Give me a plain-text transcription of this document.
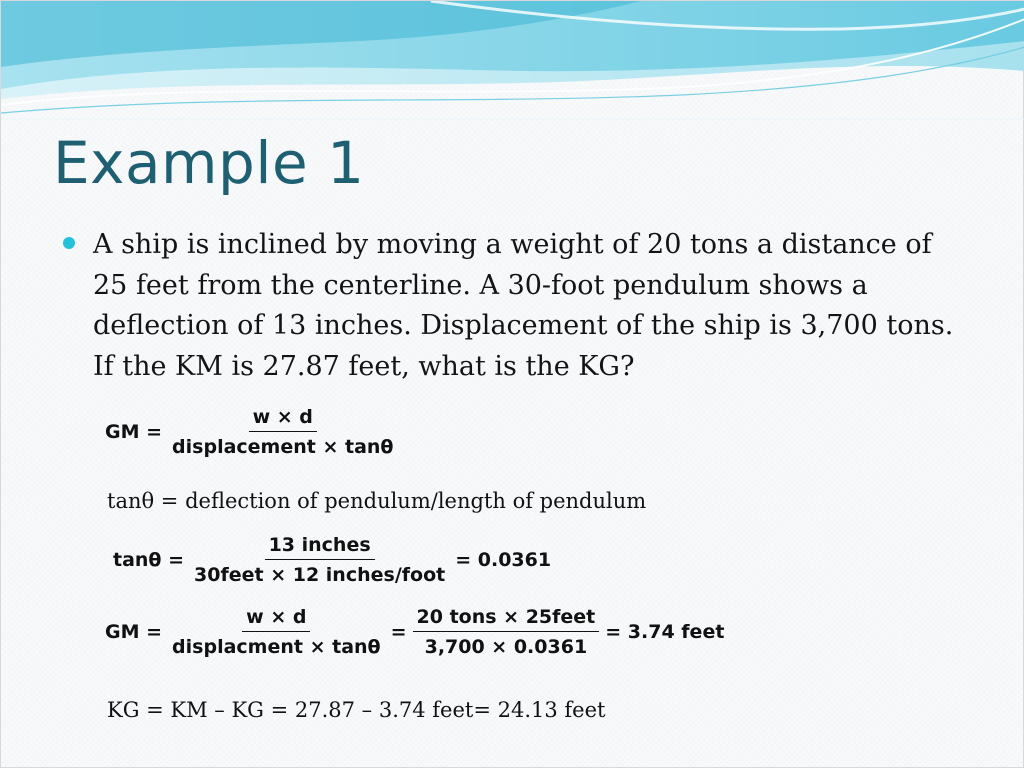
Example 1

A ship is inclined by moving a weight of 20 tons a distance of 25 feet from the centerline. A 30-foot pendulum shows a deflection of 13 inches. Displacement of the ship is 3,700 tons. If the KM is 27.87 feet, what is the KG?

GM = $\frac{w \times d}{\text{displacement × tanθ}}$
tanθ = deflection of pendulum/length of pendulum
$\tan\theta = \frac{\text{13 inches}}{\text{30feet × 12 inches/foot}} = 0.0361$
GM = $\frac{w \times d}{\text{displacment × tanθ}} = \frac{\text{20 tons × 25feet}}{3,700 \times 0.0361} = 3.74$ feet
KG = KM – KG = 27.87 – 3.74 feet= 24.13 feet
